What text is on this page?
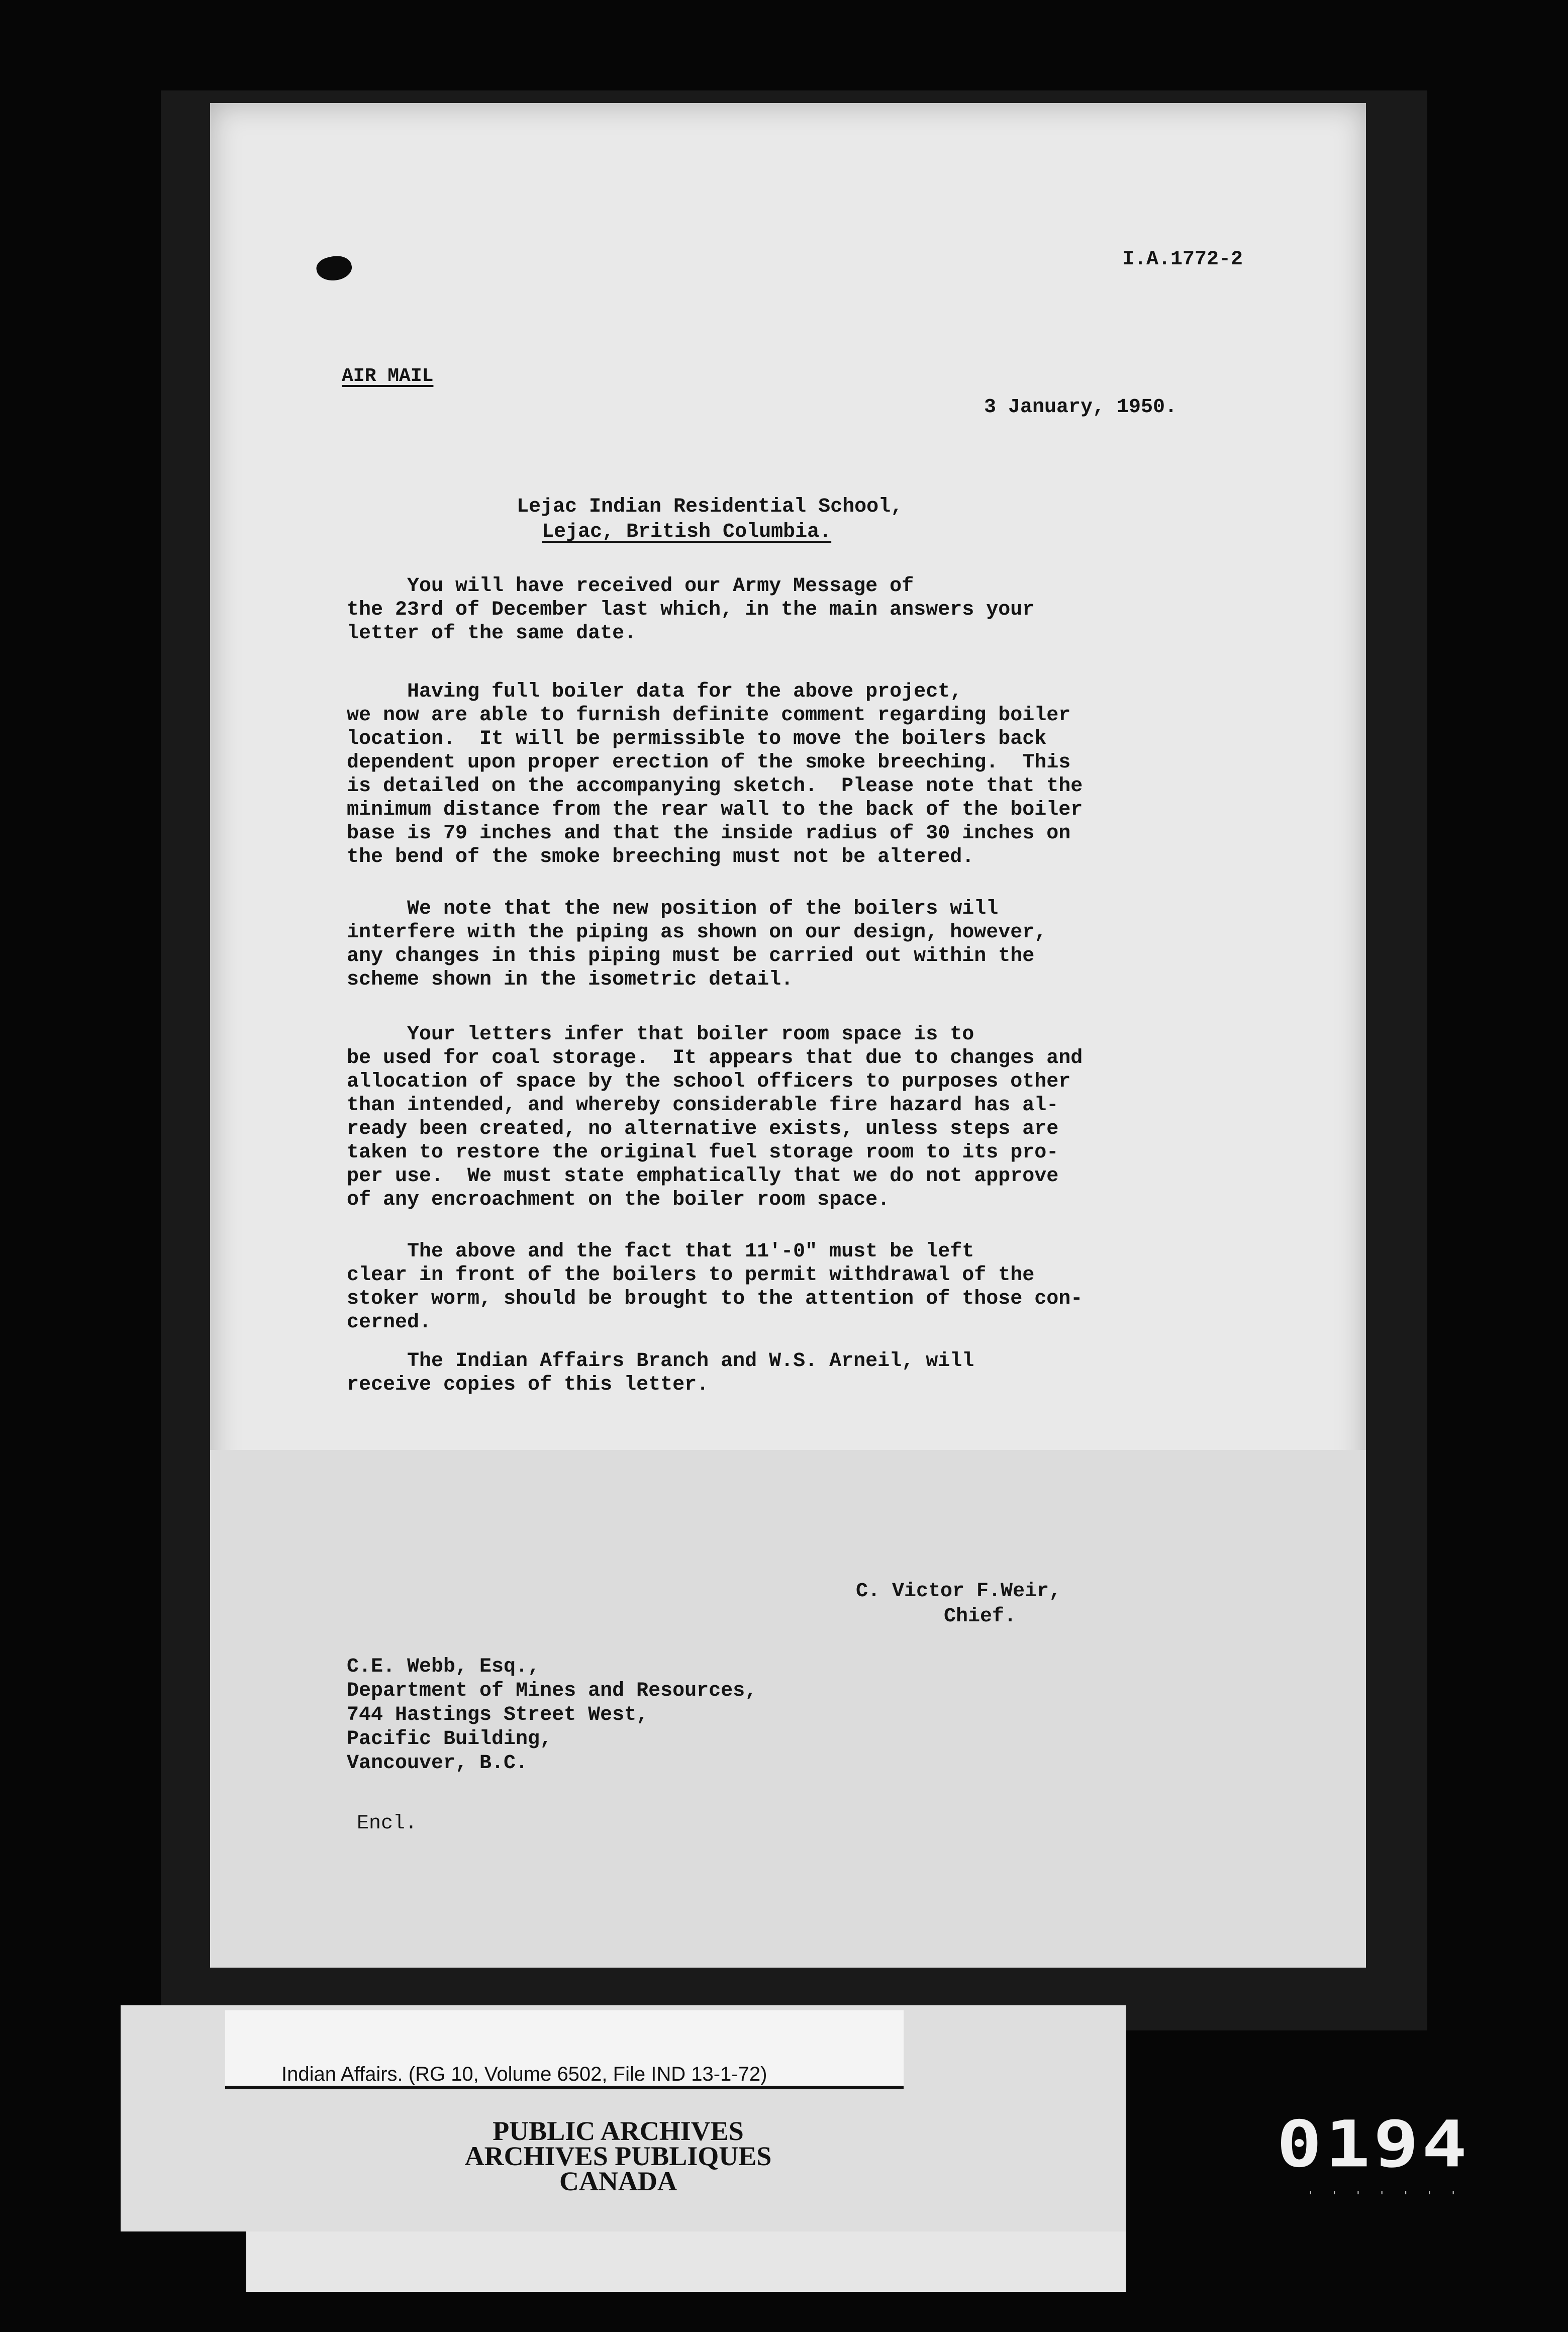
I.A.1772-2
AIR MAIL
3 January, 1950.
Lejac Indian Residential School,
Lejac, British Columbia.
You will have received our Army Message of
the 23rd of December last which, in the main answers your
letter of the same date.
Having full boiler data for the above project,
we now are able to furnish definite comment regarding boiler
location.  It will be permissible to move the boilers back
dependent upon proper erection of the smoke breeching.  This
is detailed on the accompanying sketch.  Please note that the
minimum distance from the rear wall to the back of the boiler
base is 79 inches and that the inside radius of 30 inches on
the bend of the smoke breeching must not be altered.
We note that the new position of the boilers will
interfere with the piping as shown on our design, however,
any changes in this piping must be carried out within the
scheme shown in the isometric detail.
Your letters infer that boiler room space is to
be used for coal storage.  It appears that due to changes and
allocation of space by the school officers to purposes other
than intended, and whereby considerable fire hazard has al-
ready been created, no alternative exists, unless steps are
taken to restore the original fuel storage room to its pro-
per use.  We must state emphatically that we do not approve
of any encroachment on the boiler room space.
The above and the fact that 11'-0" must be left
clear in front of the boilers to permit withdrawal of the
stoker worm, should be brought to the attention of those con-
cerned.
The Indian Affairs Branch and W.S. Arneil, will
receive copies of this letter.
C. Victor F.Weir,
Chief.
C.E. Webb, Esq.,
Department of Mines and Resources,
744 Hastings Street West,
Pacific Building,
Vancouver, B.C.
Encl.
Indian Affairs. (RG 10, Volume 6502, File IND 13-1-72)
PUBLIC ARCHIVES
ARCHIVES PUBLIQUES
CANADA	0194
' ' ' ' ' ' '
